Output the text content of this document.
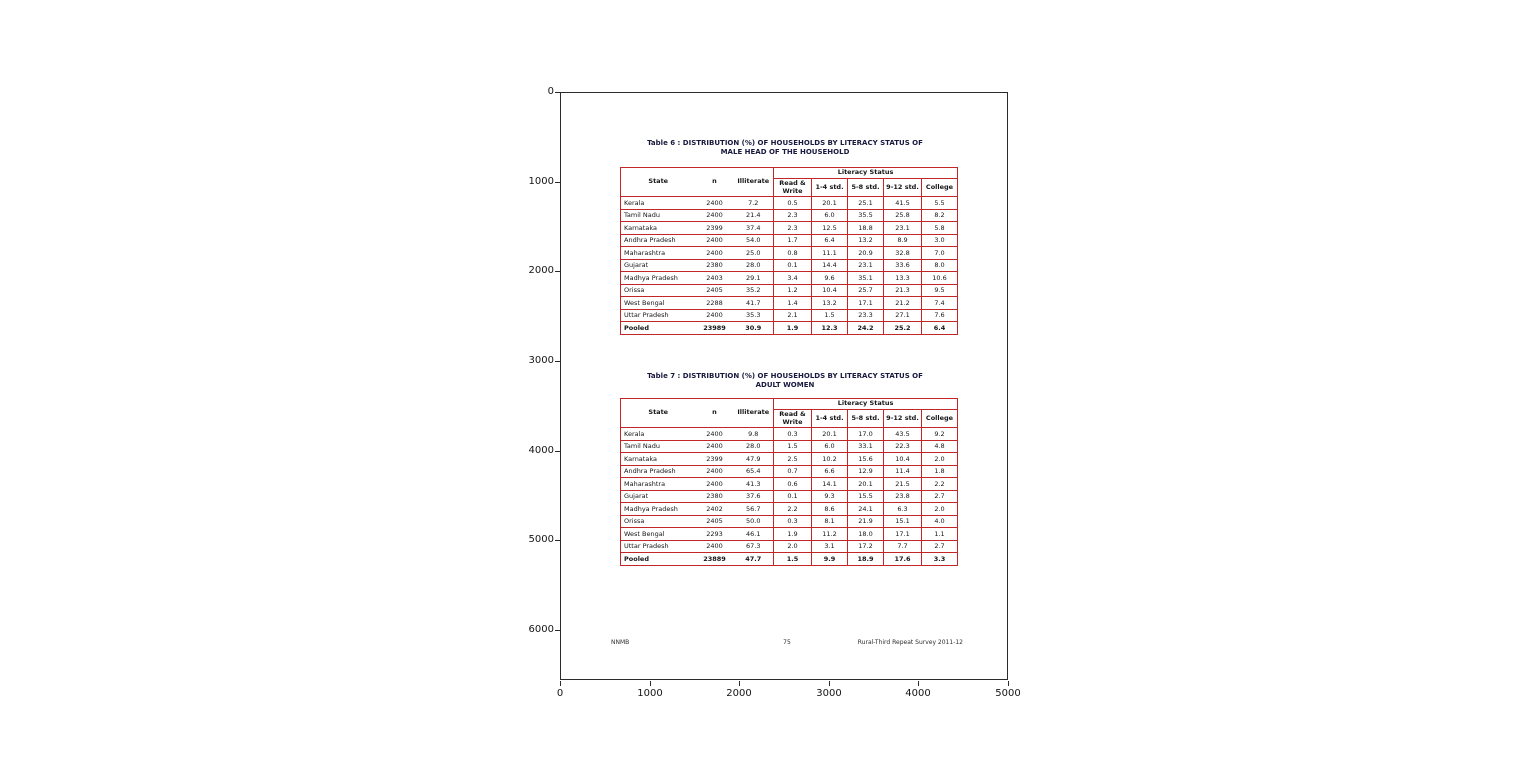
0
1000
2000
3000
4000
5000
6000
0	1000	2000	3000	4000	5000
Table 6 : DISTRIBUTION (%) OF HOUSEHOLDS BY LITERACY STATUS OF
MALE HEAD OF THE HOUSEHOLD
State	n	Illiterate	Literacy Status				
			Read & Write	1-4 std.	5-8 std.	9-12 std.	College
Kerala	2400	7.2	0.5	20.1	25.1	41.5	5.5
Tamil Nadu	2400	21.4	2.3	6.0	35.5	25.8	8.2
Karnataka	2399	37.4	2.3	12.5	18.8	23.1	5.8
Andhra Pradesh	2400	54.0	1.7	6.4	13.2	8.9	3.0
Maharashtra	2400	25.0	0.8	11.1	20.9	32.8	7.0
Gujarat	2380	28.0	0.1	14.4	23.1	33.6	8.0
Madhya Pradesh	2403	29.1	3.4	9.6	35.1	13.3	10.6
Orissa	2405	35.2	1.2	10.4	25.7	21.3	9.5
West Bengal	2288	41.7	1.4	13.2	17.1	21.2	7.4
Uttar Pradesh	2400	35.3	2.1	1.5	23.3	27.1	7.6
Pooled	23989	30.9	1.9	12.3	24.2	25.2	6.4
Table 7 : DISTRIBUTION (%) OF HOUSEHOLDS BY LITERACY STATUS OF
ADULT WOMEN
State	n	Illiterate	Literacy Status				
			Read & Write	1-4 std.	5-8 std.	9-12 std.	College
Kerala	2400	9.8	0.3	20.1	17.0	43.5	9.2
Tamil Nadu	2400	28.0	1.5	6.0	33.1	22.3	4.8
Karnataka	2399	47.9	2.5	10.2	15.6	10.4	2.0
Andhra Pradesh	2400	65.4	0.7	6.6	12.9	11.4	1.8
Maharashtra	2400	41.3	0.6	14.1	20.1	21.5	2.2
Gujarat	2380	37.6	0.1	9.3	15.5	23.8	2.7
Madhya Pradesh	2402	56.7	2.2	8.6	24.1	6.3	2.0
Orissa	2405	50.0	0.3	8.1	21.9	15.1	4.0
West Bengal	2293	46.1	1.9	11.2	18.0	17.1	1.1
Uttar Pradesh	2400	67.3	2.0	3.1	17.2	7.7	2.7
Pooled	23889	47.7	1.5	9.9	18.9	17.6	3.3
NNMB	75	Rural-Third Repeat Survey 2011-12
